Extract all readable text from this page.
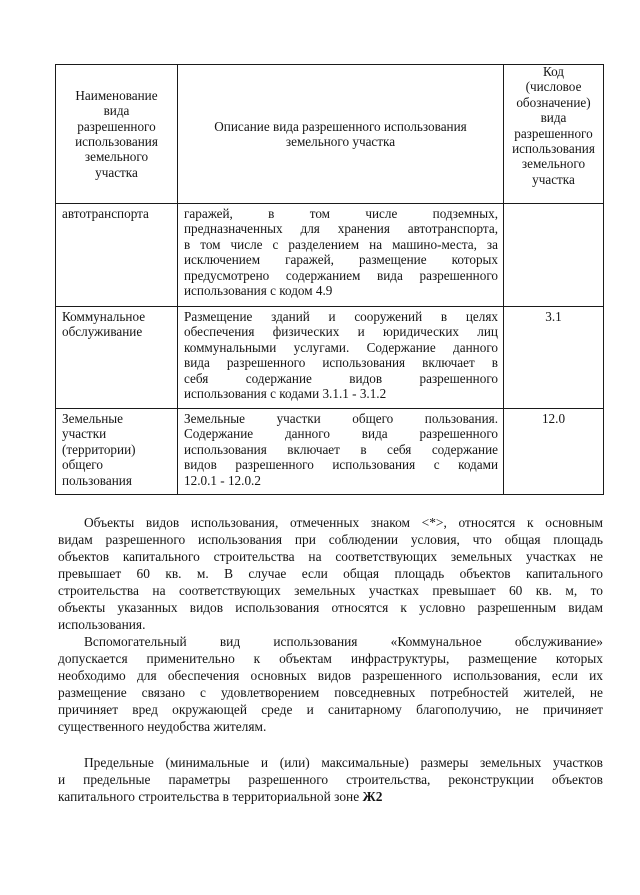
Наименование
вида
разрешенного
использования
земельного
участка
Описание вида разрешенного использования
земельного участка
Код
(числовое
обозначение)
вида
разрешенного
использования
земельного
участка
автотранспорта	гаражей, в том числе подземных,
предназначенных для хранения автотранспорта,
в том числе с разделением на машино-места, за
исключением гаражей, размещение которых
предусмотрено содержанием вида разрешенного
использования с кодом 4.9
Коммунальное
обслуживание
Размещение зданий и сооружений в целях
обеспечения физических и юридических лиц
коммунальными услугами. Содержание данного
вида разрешенного использования включает в
себя содержание видов разрешенного
использования с кодами 3.1.1 - 3.1.2
3.1
Земельные
участки
(территории)
общего
пользования
Земельные участки общего пользования.
Содержание данного вида разрешенного
использования включает в себя содержание
видов разрешенного использования с кодами
12.0.1 - 12.0.2
12.0
Объекты видов использования, отмеченных знаком <*>, относятся к основным
видам разрешенного использования при соблюдении условия, что общая площадь
объектов капитального строительства на соответствующих земельных участках не
превышает 60 кв. м. В случае если общая площадь объектов капитального
строительства на соответствующих земельных участках превышает 60 кв. м, то
объекты указанных видов использования относятся к условно разрешенным видам
использования.
Вспомогательный вид использования «Коммунальное обслуживание»
допускается применительно к объектам инфраструктуры, размещение которых
необходимо для обеспечения основных видов разрешенного использования, если их
размещение связано с удовлетворением повседневных потребностей жителей, не
причиняет вред окружающей среде и санитарному благополучию, не причиняет
существенного неудобства жителям.
Предельные (минимальные и (или) максимальные) размеры земельных участков
и предельные параметры разрешенного строительства, реконструкции объектов
капитального строительства в территориальной зоне Ж2
